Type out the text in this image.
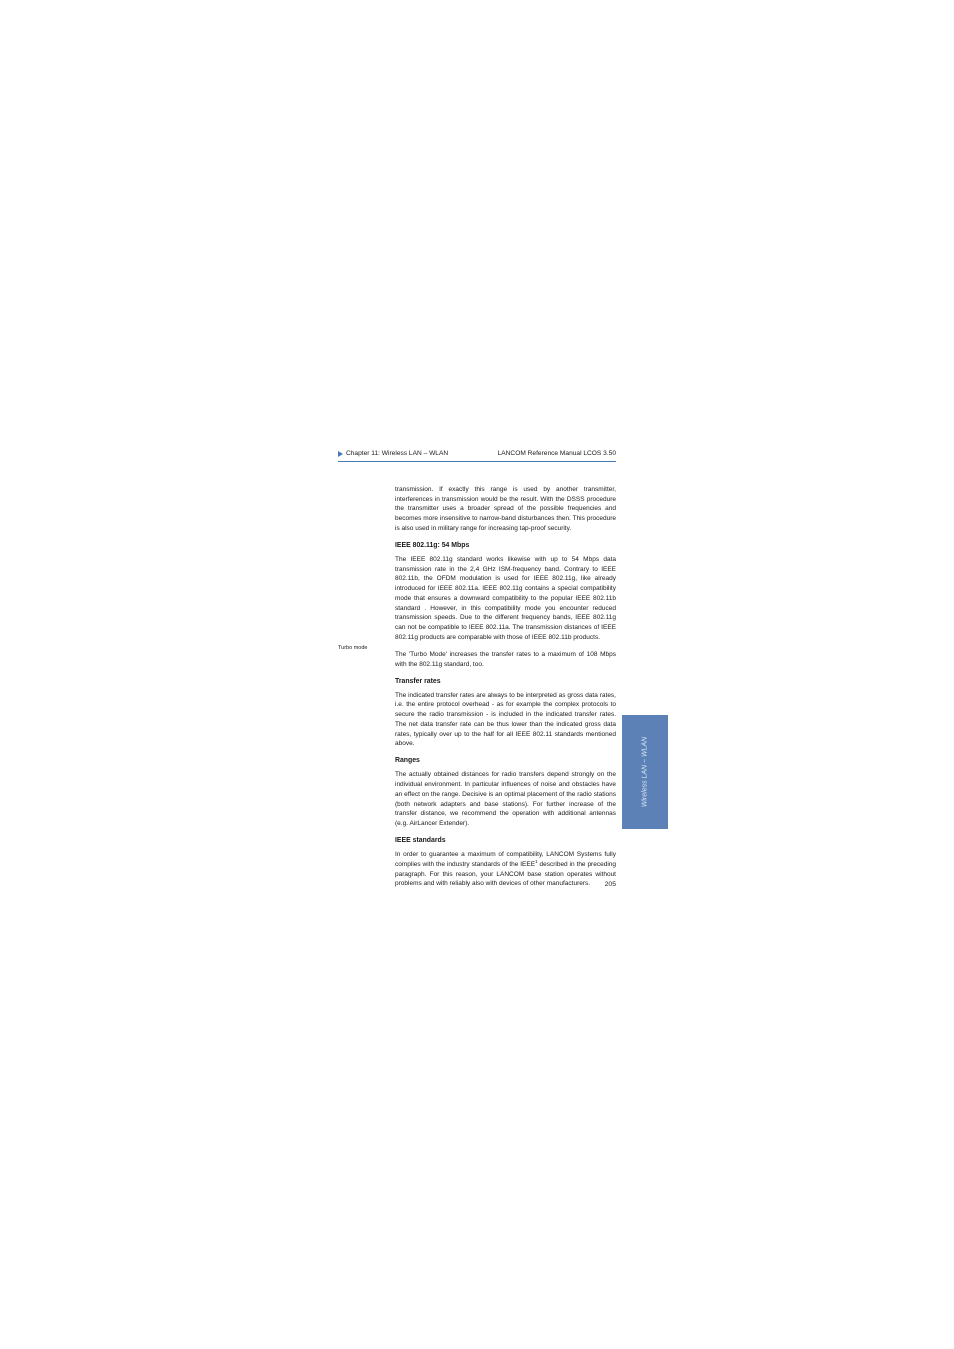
Chapter 11: Wireless LAN – WLAN	LANCOM Reference Manual LCOS 3.50
Turbo mode

transmission. If exactly this range is used by another transmitter, interferences in transmission would be the result. With the DSSS procedure the transmitter uses a broader spread of the possible frequencies and becomes more insensitive to narrow-band disturbances then. This procedure is also used in military range for increasing tap-proof security.

IEEE 802.11g: 54 Mbps

The IEEE 802.11g standard works likewise with up to 54 Mbps data transmission rate in the 2,4 GHz ISM-frequency band. Contrary to IEEE 802.11b, the OFDM modulation is used for IEEE 802.11g, like already introduced for IEEE 802.11a. IEEE 802.11g contains a special compatibility mode that ensures a downward compatibility to the popular IEEE 802.11b standard . However, in this compatibility mode you encounter reduced transmission speeds. Due to the different frequency bands, IEEE 802.11g can not be compatible to IEEE 802.11a. The transmission distances of IEEE 802.11g products are comparable with those of IEEE 802.11b products.

The 'Turbo Mode' increases the transfer rates to a maximum of 108 Mbps with the 802.11g standard, too.

Transfer rates

The indicated transfer rates are always to be interpreted as gross data rates, i.e. the entire protocol overhead - as for example the complex protocols to secure the radio transmission - is included in the indicated transfer rates. The net data transfer rate can be thus lower than the indicated gross data rates, typically over up to the half for all IEEE 802.11 standards mentioned above.

Ranges

The actually obtained distances for radio transfers depend strongly on the individual environment. In particular influences of noise and obstacles have an effect on the range. Decisive is an optimal placement of the radio stations (both network adapters and base stations). For further increase of the transfer distance, we recommend the operation with additional antennas (e.g. AirLancer Extender).

IEEE standards

In order to guarantee a maximum of compatibility, LANCOM Systems fully complies with the industry standards of the IEEE$^1$ described in the preceding paragraph. For this reason, your LANCOM base station operates without problems and with reliably also with devices of other manufacturers.

Wireless LAN – WLAN
205
